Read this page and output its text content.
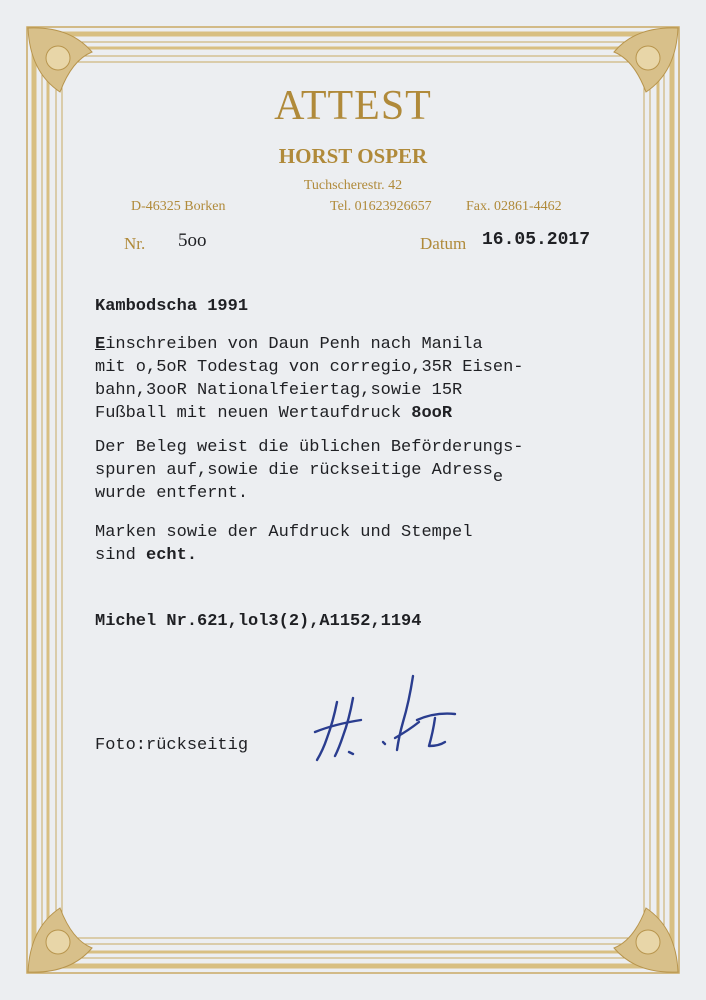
ATTEST
HORST OSPER
Tuchscherestr. 42
D-46325 Borken	Tel. 01623926657 Fax. 02861-4462
Nr. 5oo	Datum 16.05.2017
Kambodscha 1991
Einschreiben von Daun Penh nach Manila
mit o,5oR Todestag von corregio,35R Eisen-
bahn,3ooR Nationalfeiertag,sowie 15R
Fußball mit neuen Wertaufdruck 8ooR
Der Beleg weist die üblichen Beförderungs-
spuren auf,sowie die rückseitige Adresse
wurde entfernt.
Marken sowie der Aufdruck und Stempel
sind echt.
Michel Nr.621,lol3(2),A1152,1194
Foto:rückseitig
